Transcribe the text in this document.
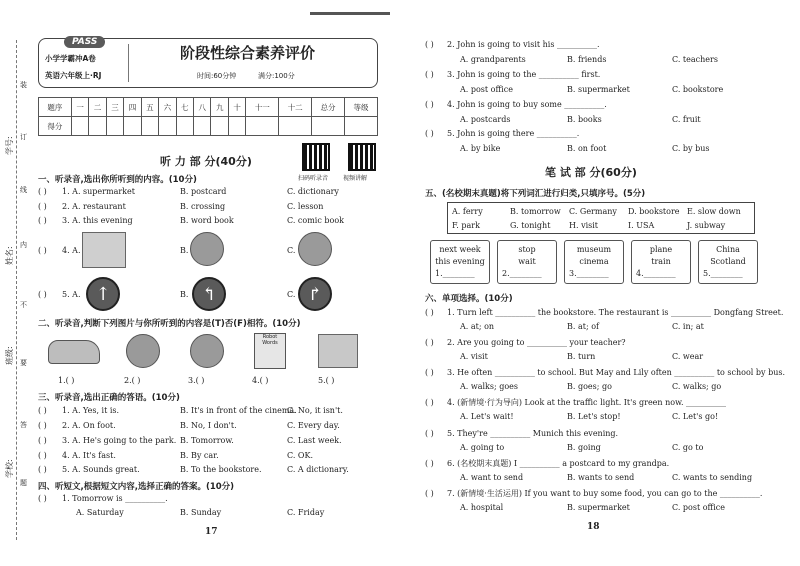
学号:
班级:
姓名:
学校:
装
订
线
内
不
要
答
题
PASS
小学学霸冲A卷
英语六年级上·RJ
阶段性综合素养评价
时间:60分钟	满分:100分
题序	一	二	三	四	五	六	七	八	九	十	十一	十二	总分	等级
得分														
听 力 部 分(40分)
扫码听录音 视频讲解
一、听录音,选出你所听到的内容。(10分)
( ) 1. A. supermarket	B. postcard	C. dictionary
( ) 2. A. restaurant	B. crossing	C. lesson
( ) 3. A. this evening	B. word book	C. comic book
( ) 4. A.	B.	C.
( ) 5. A. ↑	B. ↰	C. ↱
二、听录音,判断下列图片与你所听到的内容是(T)否(F)相符。(10分)
Robot Words
1.( )	2.( )	3.( )	4.( )	5.( )
三、听录音,选出正确的答语。(10分)
( ) 1. A. Yes, it is.	B. It's in front of the cinema.
C. No, it isn't.
( ) 2. A. On foot.	B. No, I don't.	C. Every day.
( ) 3. A. He's going to the park. B. Tomorrow.	C. Last week.
( ) 4. A. It's fast.	B. By car.	C. OK.
( ) 5. A. Sounds great.	B. To the bookstore.	C. A dictionary.
四、听短文,根据短文内容,选择正确的答案。(10分)
( ) 1. Tomorrow is __________.
A. Saturday	B. Sunday	C. Friday
17
( ) 2. John is going to visit his __________.
A. grandparents	B. friends	C. teachers
( ) 3. John is going to the __________ first.
A. post office	B. supermarket	C. bookstore
( ) 4. John is going to buy some __________.
A. postcards	B. books	C. fruit
( ) 5. John is going there __________.
A. by bike	B. on foot	C. by bus
笔 试 部 分(60分)
五、(名校期末真题)将下列词汇进行归类,只填序号。(5分)
A. ferry	B. tomorrow C. Germany D. bookstore E. slow down
F. park	G. tonight H. visit	I. USA	J. subway
next week
this evening
1.________
stop
wait
2.________
museum
cinema
3.________
plane
train
4.________
China
Scotland
5.________
六、单项选择。(10分)
( ) 1. Turn left __________ the bookstore. The restaurant is __________ Dongfang Street.
A. at; on	B. at; of	C. in; at
( ) 2. Are you going to __________ your teacher?
A. visit	B. turn	C. wear
( ) 3. He often __________ to school. But May and Lily often __________ to school by bus.
A. walks; goes	B. goes; go	C. walks; go
( ) 4. (新情境·行为导向) Look at the traffic light. It's green now. __________
A. Let's wait!	B. Let's stop!	C. Let's go!
( ) 5. They're __________ Munich this evening.
A. going to	B. going	C. go to
( ) 6. (名校期末真题) I __________ a postcard to my grandpa.
A. want to send	B. wants to send	C. wants to sending
( ) 7. (新情境·生活运用) If you want to buy some food, you can go to the __________.
A. hospital	B. supermarket	C. post office
18
